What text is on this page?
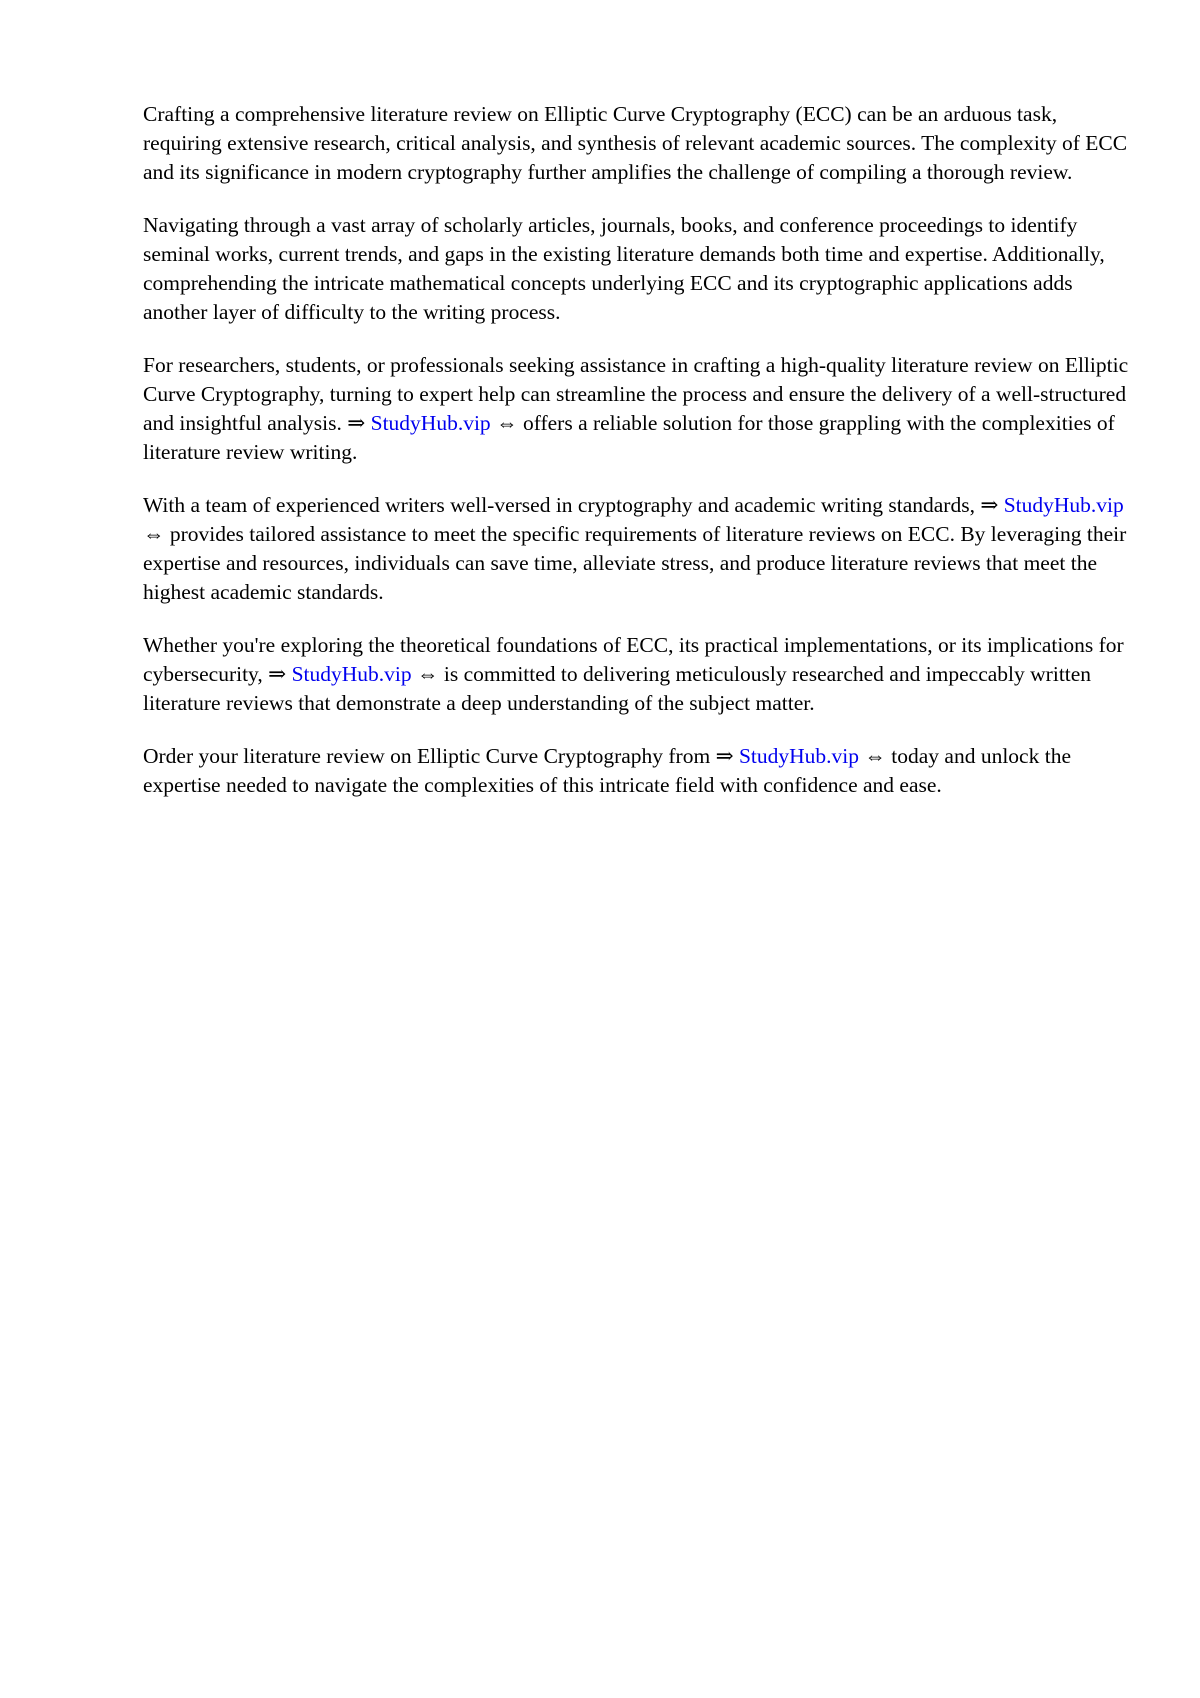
Crafting a comprehensive literature review on Elliptic Curve Cryptography (ECC) can be an arduous task, requiring extensive research, critical analysis, and synthesis of relevant academic sources. The complexity of ECC and its significance in modern cryptography further amplifies the challenge of compiling a thorough review.

Navigating through a vast array of scholarly articles, journals, books, and conference proceedings to identify seminal works, current trends, and gaps in the existing literature demands both time and expertise. Additionally, comprehending the intricate mathematical concepts underlying ECC and its cryptographic applications adds another layer of difficulty to the writing process.

For researchers, students, or professionals seeking assistance in crafting a high-quality literature review on Elliptic Curve Cryptography, turning to expert help can streamline the process and ensure the delivery of a well-structured and insightful analysis. ⇒ StudyHub.vip ⇔ offers a reliable solution for those grappling with the complexities of literature review writing.

With a team of experienced writers well-versed in cryptography and academic writing standards, ⇒ StudyHub.vip ⇔ provides tailored assistance to meet the specific requirements of literature reviews on ECC. By leveraging their expertise and resources, individuals can save time, alleviate stress, and produce literature reviews that meet the highest academic standards.

Whether you're exploring the theoretical foundations of ECC, its practical implementations, or its implications for cybersecurity, ⇒ StudyHub.vip ⇔ is committed to delivering meticulously researched and impeccably written literature reviews that demonstrate a deep understanding of the subject matter.

Order your literature review on Elliptic Curve Cryptography from ⇒ StudyHub.vip ⇔ today and unlock the expertise needed to navigate the complexities of this intricate field with confidence and ease.
